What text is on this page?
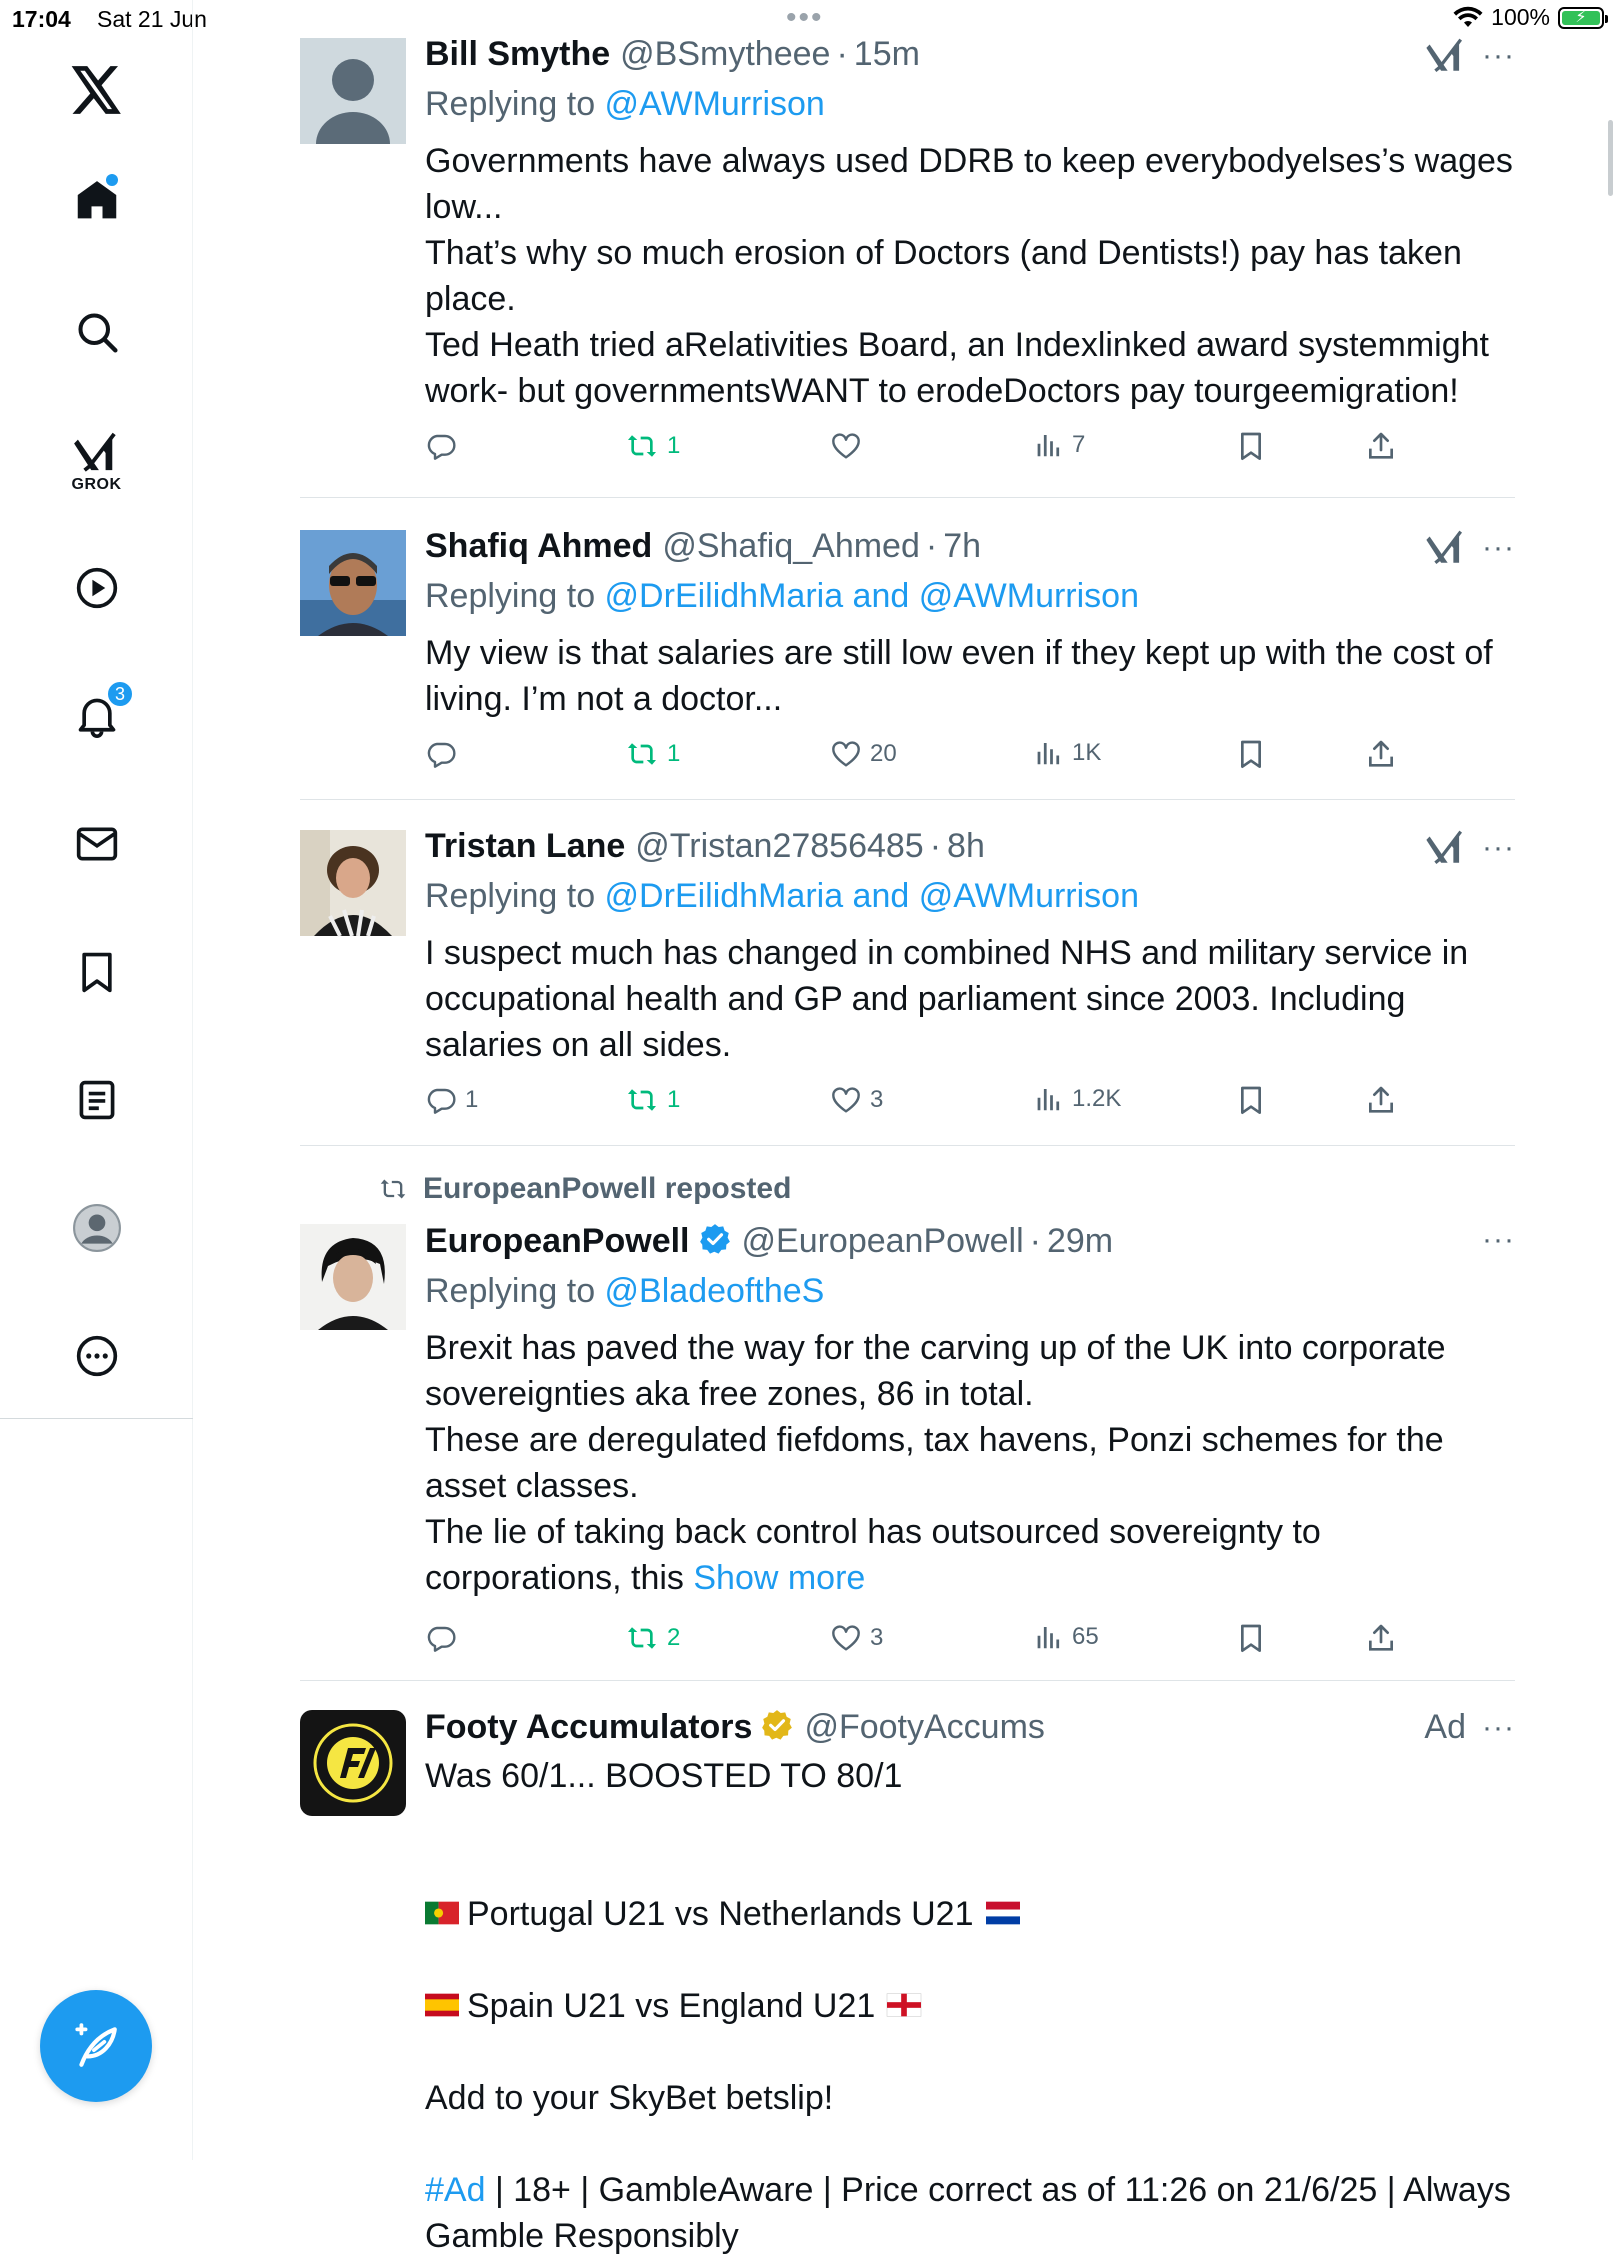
17:04 Sat 21 Jun	•••	100%	⚡
GROK
3
Bill Smythe @BSmytheee · 15m
Replying to @AWMurrison
Governments have always used DDRB to keep everybodyelses’s wages low...
That’s why so much erosion of Doctors (and Dentists!) pay has taken place.
Ted Heath tried aRelativities Board, an Indexlinked award systemmight work- but governmentsWANT to erodeDoctors pay tourgeemigration!
···
Shafiq Ahmed @Shafiq_Ahmed · 7h
Replying to @DrEilidhMaria and @AWMurrison
My view is that salaries are still low even if they kept up with the cost of living. I’m not a doctor...
···
Tristan Lane @Tristan27856485 · 8h
Replying to @DrEilidhMaria and @AWMurrison
I suspect much has changed in combined NHS and military service in occupational health and GP and parliament since 2003. Including salaries on all sides.
···
EuropeanPowell reposted
EuropeanPowell @EuropeanPowell · 29m
Replying to @BladeoftheS
Brexit has paved the way for the carving up of the UK into corporate sovereignties aka free zones, 86 in total.
These are deregulated fiefdoms, tax havens, Ponzi schemes for the asset classes.
The lie of taking back control has outsourced sovereignty to corporations, this Show more
···
Footy Accumulators @FootyAccums
Was 60/1... BOOSTED TO 80/1

Portugal U21 vs Netherlands U21

Spain U21 vs England U21

Add to your SkyBet betslip!
#Ad | 18+ | GambleAware | Price correct as of 11:26 on 21/6/25 | Always Gamble Responsibly
Ad ···
1	7
1	20	1K
1	1	3	1.2K
2	3	65
